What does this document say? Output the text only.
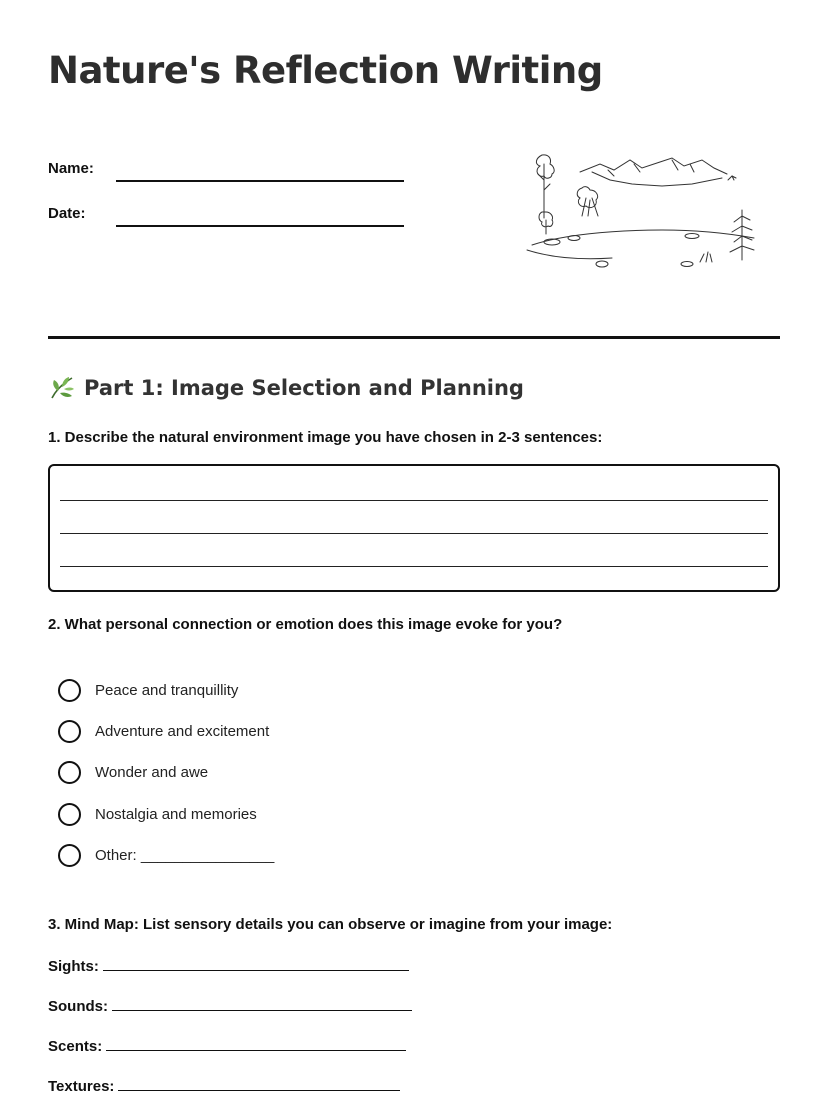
Nature's Reflection Writing
Name:
Date:
Part 1: Image Selection and Planning

1. Describe the natural environment image you have chosen in 2-3 sentences:

2. What personal connection or emotion does this image evoke for you?

Peace and tranquillity
Adventure and excitement
Wonder and awe
Nostalgia and memories
Other: ________________

3. Mind Map: List sensory details you can observe or imagine from your image:

Sights:
Sounds:
Scents:
Textures:
